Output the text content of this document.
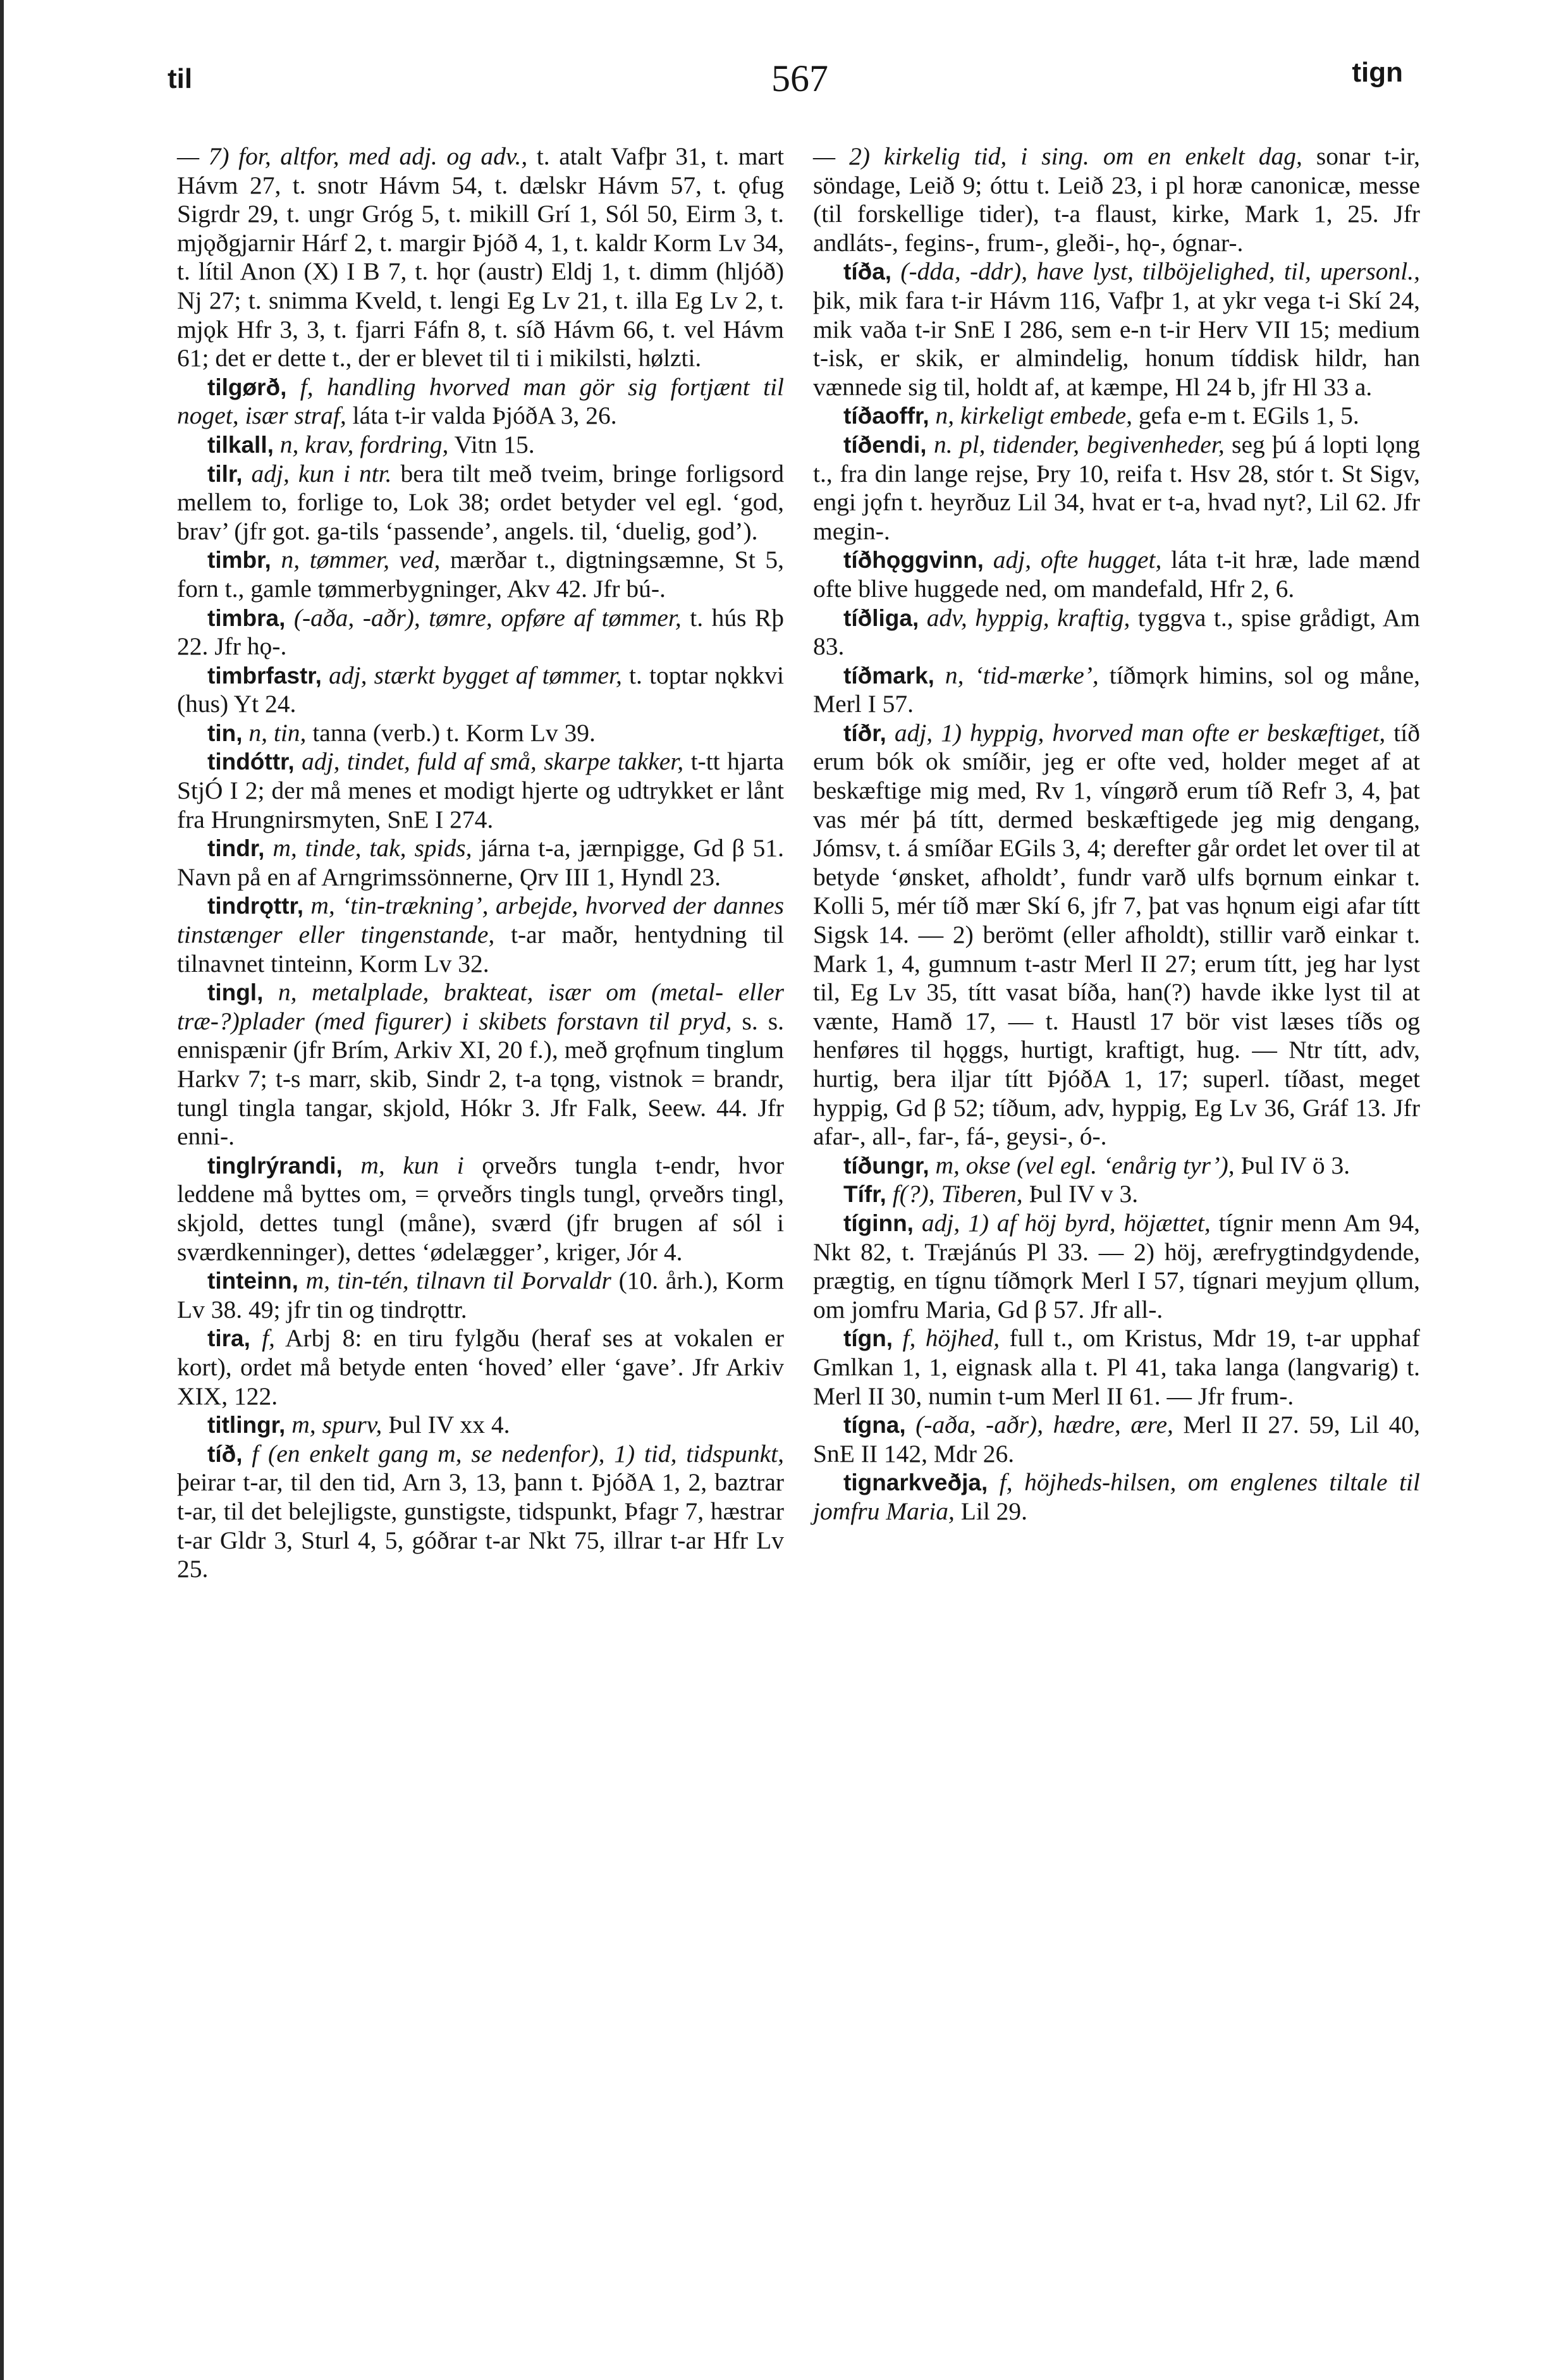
til	567	tign

— 7) for, altfor, med adj. og adv., t. atalt Vafþr 31, t. mart Hávm 27, t. snotr Hávm 54, t. dælskr Hávm 57, t. ǫfug Sigrdr 29, t. ungr Gróg 5, t. mikill Grí 1, Sól 50, Eirm 3, t. mjǫðgjarnir Hárf 2, t. margir Þjóð 4, 1, t. kaldr Korm Lv 34, t. lítil Anon (X) I B 7, t. hǫr (austr) Eldj 1, t. dimm (hljóð) Nj 27; t. snimma Kveld, t. lengi Eg Lv 21, t. illa Eg Lv 2, t. mjǫk Hfr 3, 3, t. fjarri Fáfn 8, t. síð Hávm 66, t. vel Hávm 61; det er dette t., der er blevet til ti i mikilsti, hølzti.

tilgørð, f, handling hvorved man gör sig fortjænt til noget, især straf, láta t-ir valda ÞjóðA 3, 26.

tilkall, n, krav, fordring, Vitn 15.

tilr, adj, kun i ntr. bera tilt með tveim, bringe forligsord mellem to, forlige to, Lok 38; ordet betyder vel egl. ‘god, brav’ (jfr got. ga-tils ‘passende’, angels. til, ‘duelig, god’).

timbr, n, tømmer, ved, mærðar t., digtningsæmne, St 5, forn t., gamle tømmerbygninger, Akv 42. Jfr bú-.

timbra, (-aða, -aðr), tømre, opføre af tømmer, t. hús Rþ 22. Jfr hǫ-.

timbrfastr, adj, stærkt bygget af tømmer, t. toptar nǫkkvi (hus) Yt 24.

tin, n, tin, tanna (verb.) t. Korm Lv 39.

tindóttr, adj, tindet, fuld af små, skarpe takker, t-tt hjarta StjÓ I 2; der må menes et modigt hjerte og udtrykket er lånt fra Hrungnirsmyten, SnE I 274.

tindr, m, tinde, tak, spids, járna t-a, jærnpigge, Gd β 51. Navn på en af Arngrimssönnerne, Ǫrv III 1, Hyndl 23.

tindrǫttr, m, ‘tin-trækning’, arbejde, hvorved der dannes tinstænger eller tingenstande, t-ar maðr, hentydning til tilnavnet tinteinn, Korm Lv 32.

tingl, n, metalplade, brakteat, især om (metal- eller træ-?)plader (med figurer) i skibets forstavn til pryd, s. s. ennispænir (jfr Brím, Arkiv XI, 20 f.), með grǫfnum tinglum Harkv 7; t-s marr, skib, Sindr 2, t-a tǫng, vistnok = brandr, tungl tingla tangar, skjold, Hókr 3. Jfr Falk, Seew. 44. Jfr enni-.

tinglrýrandi, m, kun i ǫrveðrs tungla t-endr, hvor leddene må byttes om, = ǫrveðrs tingls tungl, ǫrveðrs tingl, skjold, dettes tungl (måne), sværd (jfr brugen af sól i sværdkenninger), dettes ‘ødelægger’, kriger, Jór 4.

tinteinn, m, tin-tén, tilnavn til Þorvaldr (10. årh.), Korm Lv 38. 49; jfr tin og tindrǫttr.

tira, f, Arbj 8: en tiru fylgðu (heraf ses at vokalen er kort), ordet må betyde enten ‘hoved’ eller ‘gave’. Jfr Arkiv XIX, 122.

titlingr, m, spurv, Þul IV xx 4.

tíð, f (en enkelt gang m, se nedenfor), 1) tid, tidspunkt, þeirar t-ar, til den tid, Arn 3, 13, þann t. ÞjóðA 1, 2, baztrar t-ar, til det belejligste, gunstigste, tidspunkt, Þfagr 7, hæstrar t-ar Gldr 3, Sturl 4, 5, góðrar t-ar Nkt 75, illrar t-ar Hfr Lv 25.

— 2) kirkelig tid, i sing. om en enkelt dag, sonar t-ir, söndage, Leið 9; óttu t. Leið 23, i pl horæ canonicæ, messe (til forskellige tider), t-a flaust, kirke, Mark 1, 25. Jfr andláts-, fegins-, frum-, gleði-, hǫ-, ógnar-.

tíða, (-dda, -ddr), have lyst, tilböjelighed, til, upersonl., þik, mik fara t-ir Hávm 116, Vafþr 1, at ykr vega t-i Skí 24, mik vaða t-ir SnE I 286, sem e-n t-ir Herv VII 15; medium t-isk, er skik, er almindelig, honum tíddisk hildr, han vænnede sig til, holdt af, at kæmpe, Hl 24 b, jfr Hl 33 a.

tíðaoffr, n, kirkeligt embede, gefa e-m t. EGils 1, 5.

tíðendi, n. pl, tidender, begivenheder, seg þú á lopti lǫng t., fra din lange rejse, Þry 10, reifa t. Hsv 28, stór t. St Sigv, engi jǫfn t. heyrðuz Lil 34, hvat er t-a, hvad nyt?, Lil 62. Jfr megin-.

tíðhǫggvinn, adj, ofte hugget, láta t-it hræ, lade mænd ofte blive huggede ned, om mandefald, Hfr 2, 6.

tíðliga, adv, hyppig, kraftig, tyggva t., spise grådigt, Am 83.

tíðmark, n, ‘tid-mærke’, tíðmǫrk himins, sol og måne, Merl I 57.

tíðr, adj, 1) hyppig, hvorved man ofte er beskæftiget, tíð erum bók ok smíðir, jeg er ofte ved, holder meget af at beskæftige mig med, Rv 1, víngørð erum tíð Refr 3, 4, þat vas mér þá títt, dermed beskæftigede jeg mig dengang, Jómsv, t. á smíðar EGils 3, 4; derefter går ordet let over til at betyde ‘ønsket, afholdt’, fundr varð ulfs bǫrnum einkar t. Kolli 5, mér tíð mær Skí 6, jfr 7, þat vas hǫnum eigi afar títt Sigsk 14. — 2) berömt (eller afholdt), stillir varð einkar t. Mark 1, 4, gumnum t-astr Merl II 27; erum títt, jeg har lyst til, Eg Lv 35, títt vasat bíða, han(?) havde ikke lyst til at vænte, Hamð 17, — t. Haustl 17 bör vist læses tíðs og henføres til hǫggs, hurtigt, kraftigt, hug. — Ntr títt, adv, hurtig, bera iljar títt ÞjóðA 1, 17; superl. tíðast, meget hyppig, Gd β 52; tíðum, adv, hyppig, Eg Lv 36, Gráf 13. Jfr afar-, all-, far-, fá-, geysi-, ó-.

tíðungr, m, okse (vel egl. ‘enårig tyr’), Þul IV ö 3.

Tífr, f(?), Tiberen, Þul IV v 3.

tíginn, adj, 1) af höj byrd, höjættet, tígnir menn Am 94, Nkt 82, t. Træjánús Pl 33. — 2) höj, ærefrygtindgydende, prægtig, en tígnu tíðmǫrk Merl I 57, tígnari meyjum ǫllum, om jomfru Maria, Gd β 57. Jfr all-.

tígn, f, höjhed, full t., om Kristus, Mdr 19, t-ar upphaf Gmlkan 1, 1, eignask alla t. Pl 41, taka langa (langvarig) t. Merl II 30, numin t-um Merl II 61. — Jfr frum-.

tígna, (-aða, -aðr), hædre, ære, Merl II 27. 59, Lil 40, SnE II 142, Mdr 26.

tignarkveðja, f, höjheds-hilsen, om englenes tiltale til jomfru Maria, Lil 29.
